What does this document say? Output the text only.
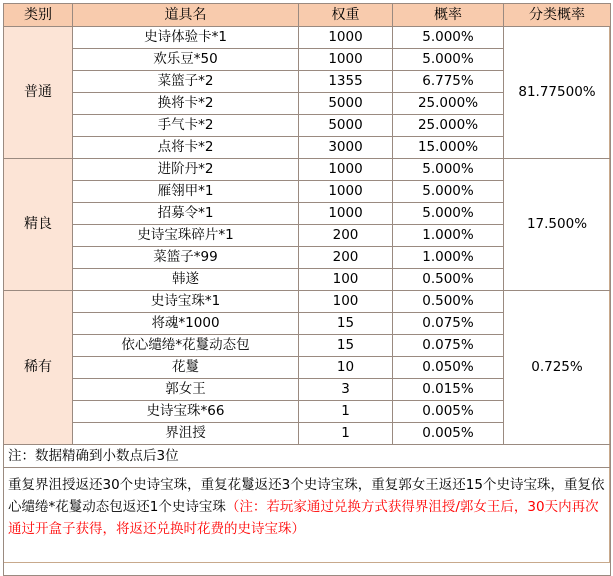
类别	道具名	权重	概率	分类概率
普通	史诗体验卡*1	1000	5.000%	81.77500%
	欢乐豆*50	1000	5.000%	
	菜篮子*2	1355	6.775%	
	换将卡*2	5000	25.000%	
	手气卡*2	5000	25.000%	
	点将卡*2	3000	15.000%	
精良	进阶丹*2	1000	5.000%	17.500%
	雁翎甲*1	1000	5.000%	
	招募令*1	1000	5.000%	
	史诗宝珠碎片*1	200	1.000%	
	菜篮子*99	200	1.000%	
	韩遂	100	0.500%	
稀有	史诗宝珠*1	100	0.500%	0.725%
	将魂*1000	15	0.075%	
	依心缱绻*花鬘动态包	15	0.075%	
	花鬘	10	0.050%	
	郭女王	3	0.015%	
	史诗宝珠*66	1	0.005%	
	界沮授	1	0.005%	
注：数据精确到小数点后3位				
重复界沮授返还30个史诗宝珠，重复花鬘返还3个史诗宝珠，重复郭女王返还15个史诗宝珠，重复依心缱绻*花鬘动态包返还1个史诗宝珠（注：若玩家通过兑换方式获得界沮授/郭女王后，30天内再次通过开盒子获得，将返还兑换时花费的史诗宝珠）				
